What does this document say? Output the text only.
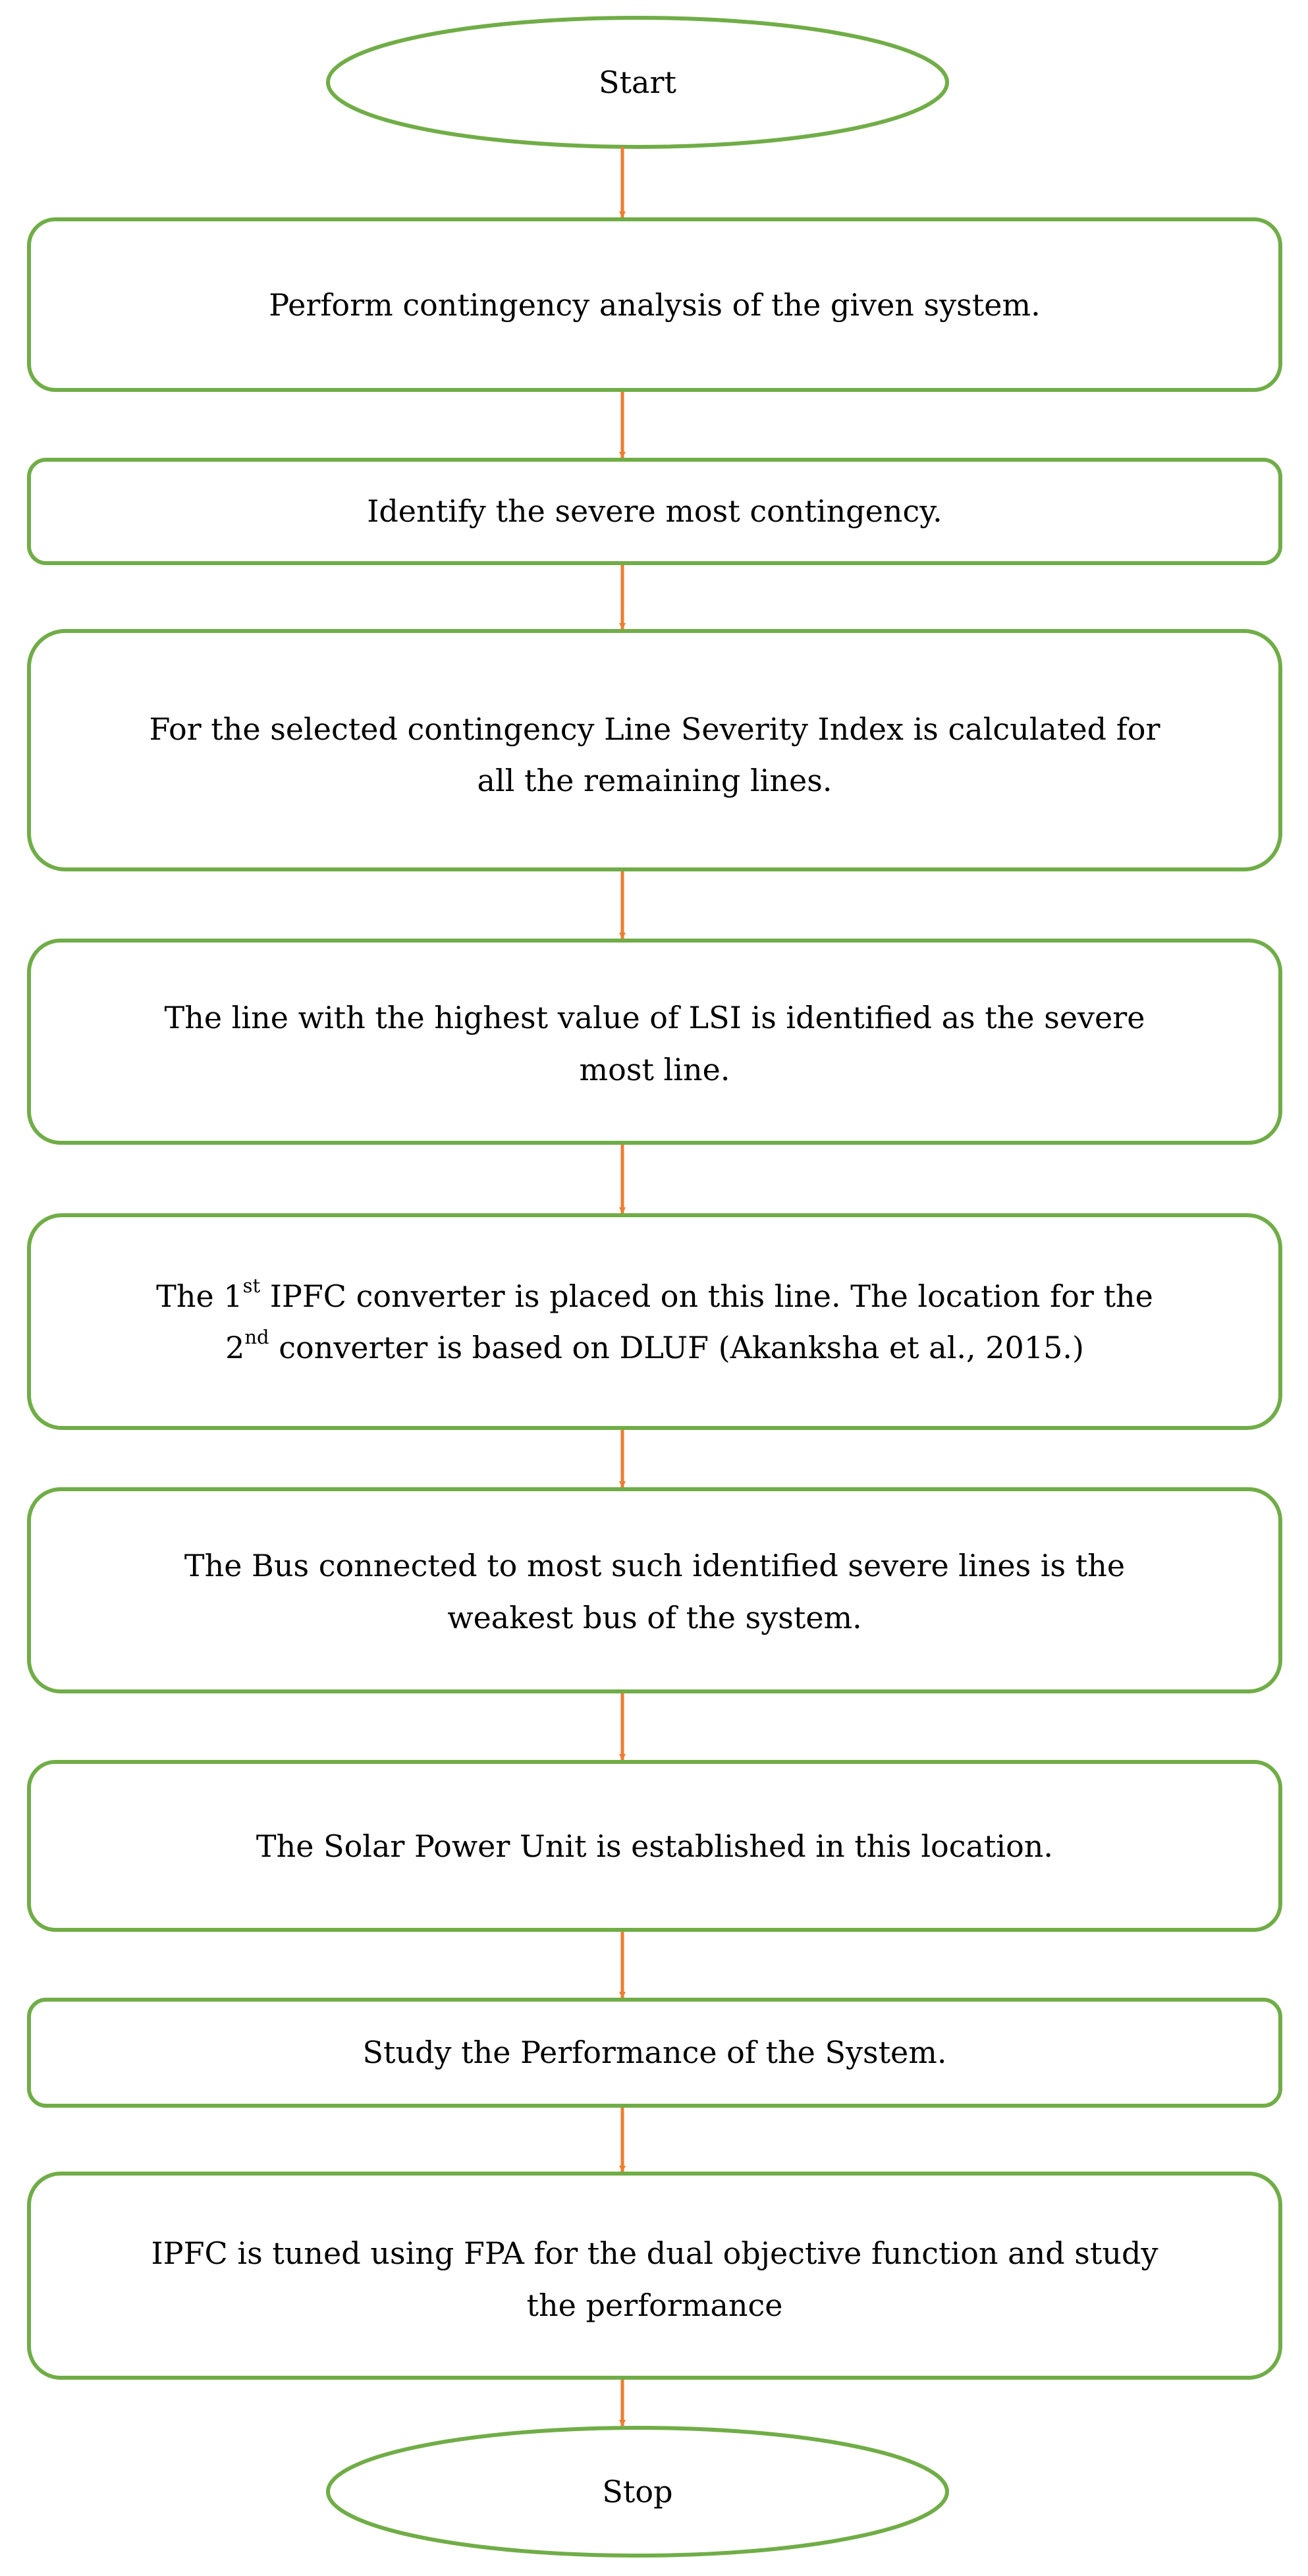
Start
Perform contingency analysis of the given system.
Identify the severe most contingency.
For the selected contingency Line Severity Index is calculated for
all the remaining lines.
The line with the highest value of LSI is identified as the severe
most line.
The 1st IPFC converter is placed on this line. The location for the
2nd converter is based on DLUF (Akanksha et al., 2015.)
The Bus connected to most such identified severe lines is the
weakest bus of the system.
The Solar Power Unit is established in this location.
Study the Performance of the System.
IPFC is tuned using FPA for the dual objective function and study
the performance
Stop
